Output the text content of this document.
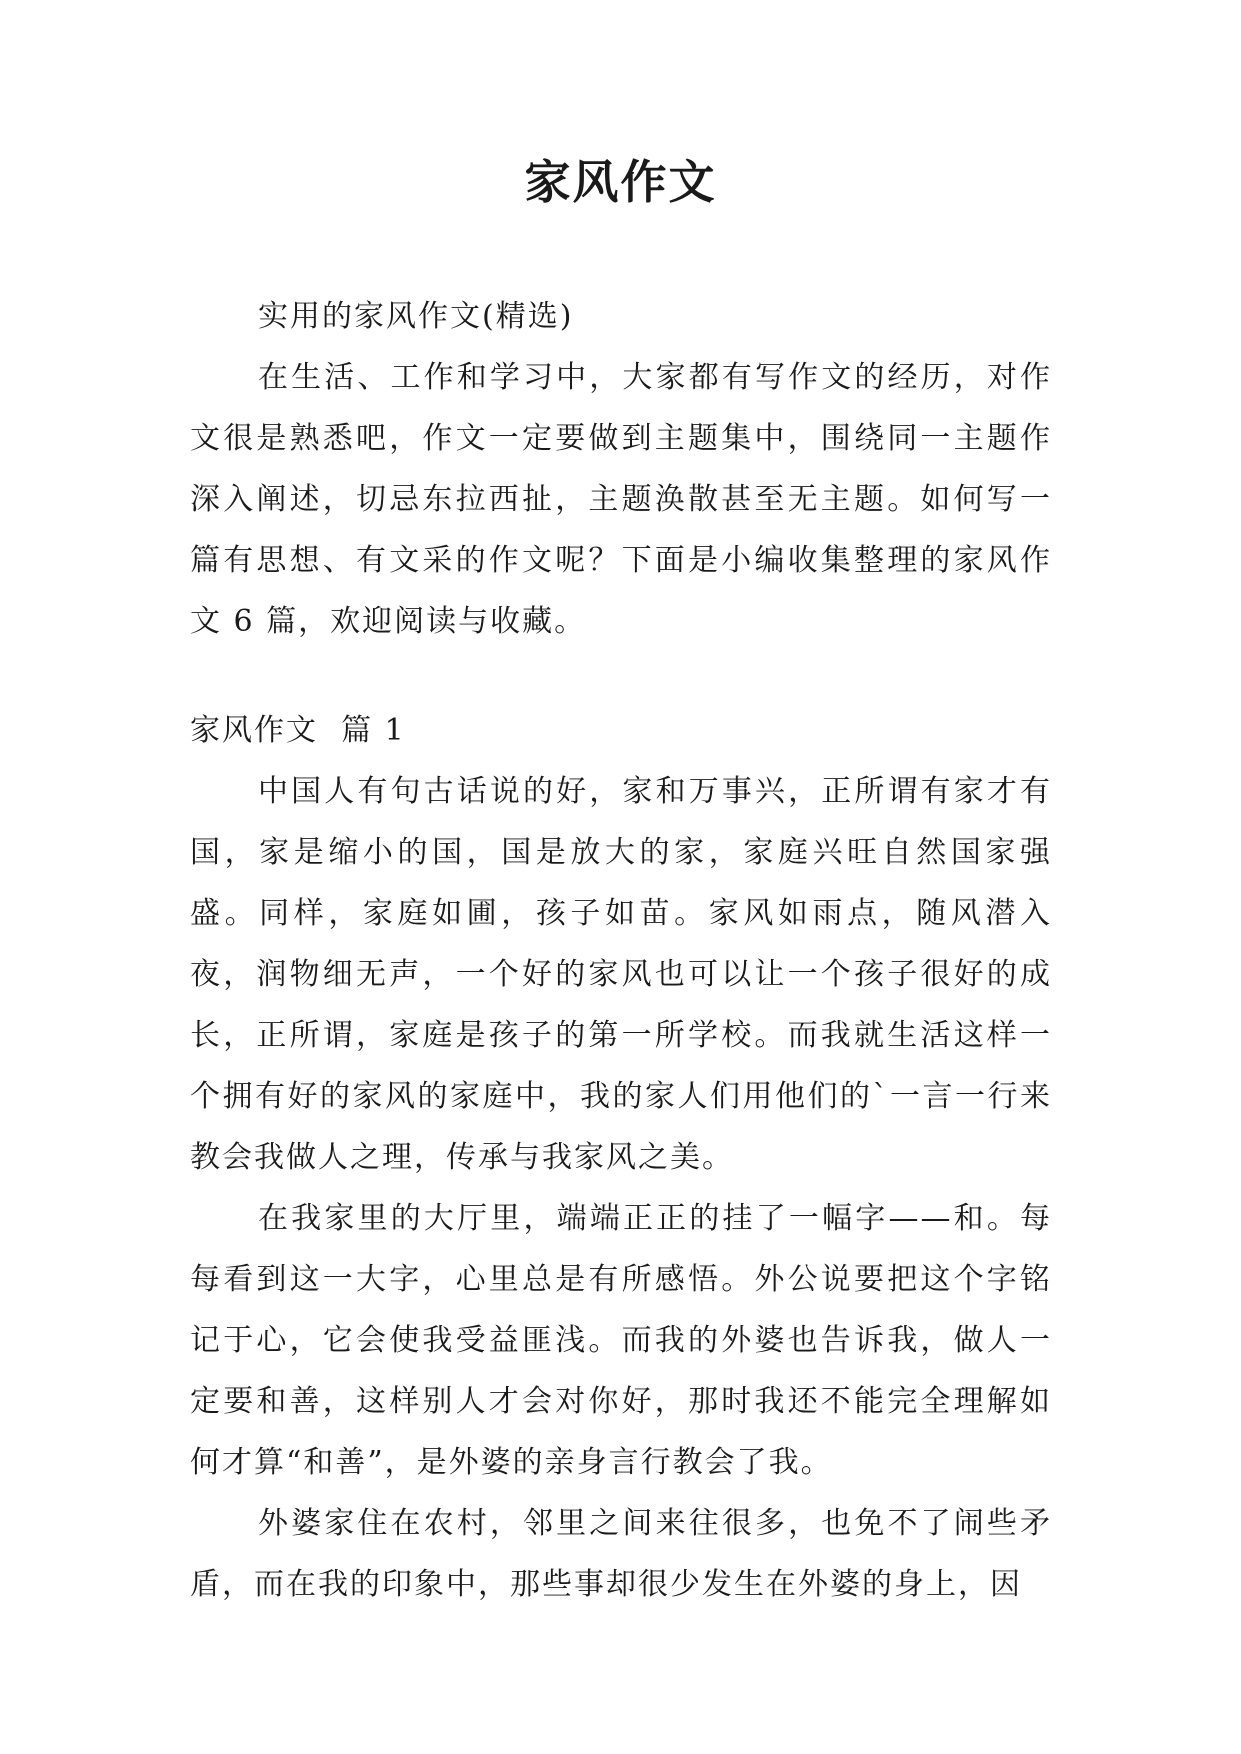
家风作文
实用的家风作文(精选)
在生活、工作和学习中，大家都有写作文的经历，对作文很是熟悉吧，作文一定要做到主题集中，围绕同一主题作深入阐述，切忌东拉西扯，主题涣散甚至无主题。如何写一篇有思想、有文采的作文呢？下面是小编收集整理的家风作文 6 篇，欢迎阅读与收藏。
家风作文  篇 1

中国人有句古话说的好，家和万事兴，正所谓有家才有国，家是缩小的国，国是放大的家，家庭兴旺自然国家强盛。同样，家庭如圃，孩子如苗。家风如雨点，随风潜入夜，润物细无声，一个好的家风也可以让一个孩子很好的成长，正所谓，家庭是孩子的第一所学校。而我就生活这样一个拥有好的家风的家庭中，我的家人们用他们的`一言一行来教会我做人之理，传承与我家风之美。

在我家里的大厅里，端端正正的挂了一幅字——和。每每看到这一大字，心里总是有所感悟。外公说要把这个字铭记于心，它会使我受益匪浅。而我的外婆也告诉我，做人一定要和善，这样别人才会对你好，那时我还不能完全理解如何才算“和善”，是外婆的亲身言行教会了我。

外婆家住在农村，邻里之间来往很多，也免不了闹些矛盾，而在我的印象中，那些事却很少发生在外婆的身上，因
